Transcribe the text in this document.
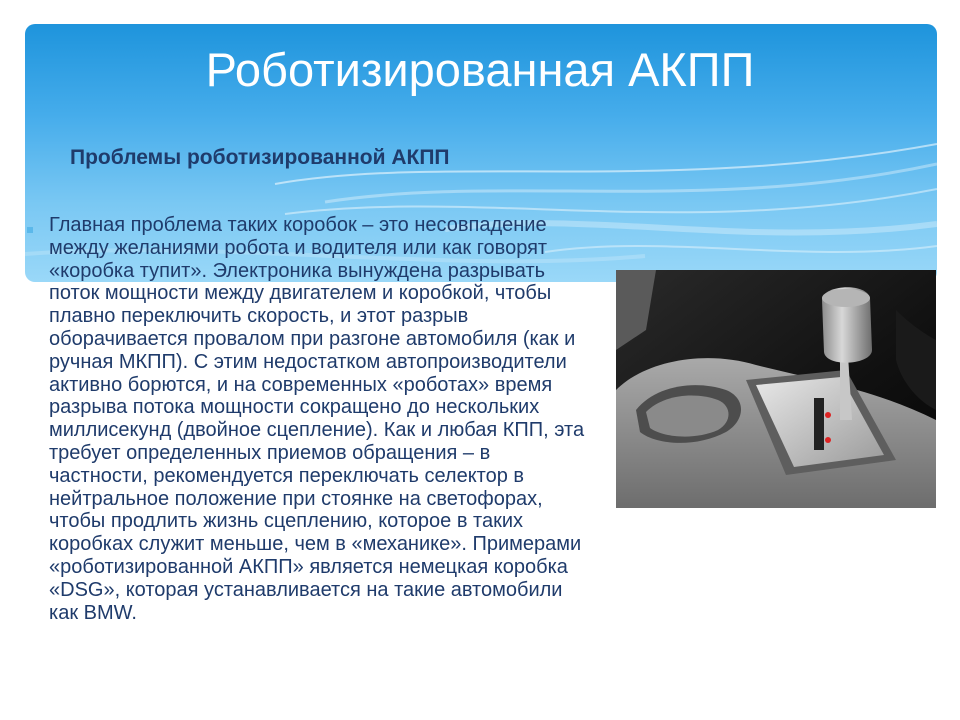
Роботизированная АКПП
Проблемы роботизированной АКПП

Главная проблема таких коробок – это несовпадение между желаниями робота и водителя или как говорят «коробка тупит». Электроника вынуждена разрывать поток мощности между двигателем и коробкой, чтобы плавно переключить скорость, и этот разрыв оборачивается провалом при разгоне автомобиля (как и ручная МКПП). С этим недостатком автопроизводители активно борются, и на современных «роботах» время разрыва потока мощности сокращено до нескольких миллисекунд (двойное сцепление). Как и любая КПП, эта требует определенных приемов обращения – в частности, рекомендуется переключать селектор в нейтральное положение при стоянке на светофорах, чтобы продлить жизнь сцеплению, которое в таких коробках служит меньше, чем в «механике». Примерами «роботизированной АКПП» является немецкая коробка «DSG», которая устанавливается на такие автомобили как BMW.
